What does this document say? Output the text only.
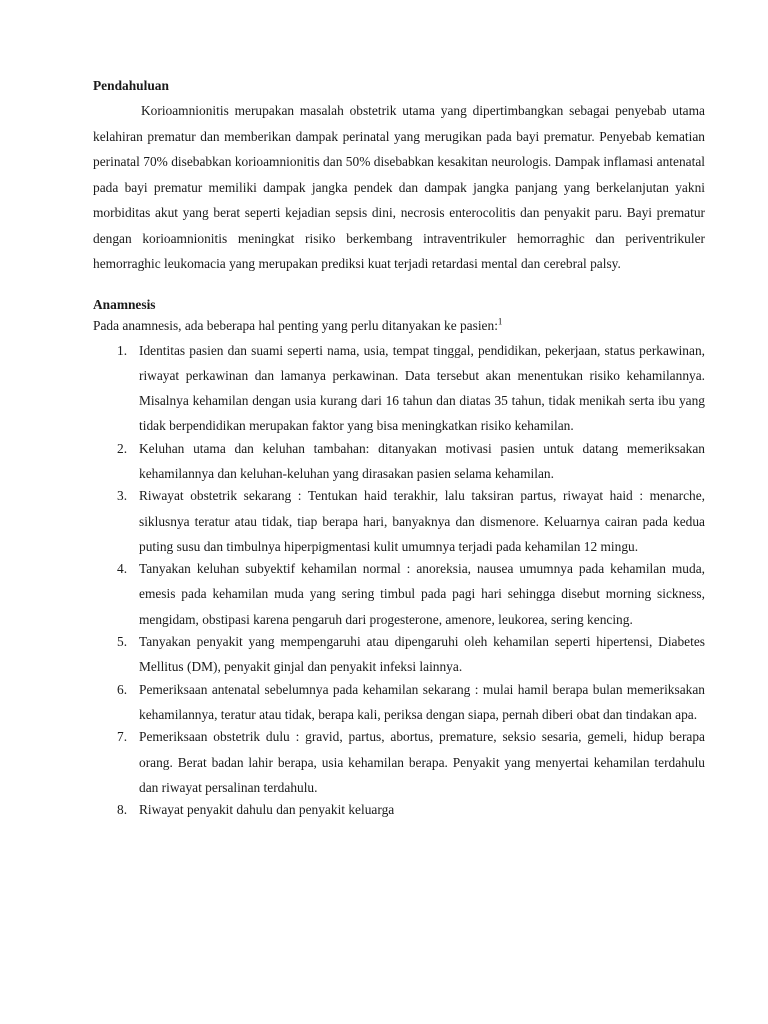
Pendahuluan

Korioamnionitis merupakan masalah obstetrik utama yang dipertimbangkan sebagai penyebab utama kelahiran prematur dan memberikan dampak perinatal yang merugikan pada bayi prematur. Penyebab kematian perinatal 70% disebabkan korioamnionitis dan 50% disebabkan kesakitan neurologis. Dampak inflamasi antenatal pada bayi prematur memiliki dampak jangka pendek dan dampak jangka panjang yang berkelanjutan yakni morbiditas akut yang berat seperti kejadian sepsis dini, necrosis enterocolitis dan penyakit paru. Bayi prematur dengan korioamnionitis meningkat risiko berkembang intraventrikuler hemorraghic dan periventrikuler hemorraghic leukomacia yang merupakan prediksi kuat terjadi retardasi mental dan cerebral palsy.

Anamnesis

Pada anamnesis, ada beberapa hal penting yang perlu ditanyakan ke pasien:$^1$

1. Identitas pasien dan suami seperti nama, usia, tempat tinggal, pendidikan, pekerjaan, status perkawinan, riwayat perkawinan dan lamanya perkawinan. Data tersebut akan menentukan risiko kehamilannya. Misalnya kehamilan dengan usia kurang dari 16 tahun dan diatas 35 tahun, tidak menikah serta ibu yang tidak berpendidikan merupakan faktor yang bisa meningkatkan risiko kehamilan.
2. Keluhan utama dan keluhan tambahan: ditanyakan motivasi pasien untuk datang memeriksakan kehamilannya dan keluhan-keluhan yang dirasakan pasien selama kehamilan.
3. Riwayat obstetrik sekarang : Tentukan haid terakhir, lalu taksiran partus, riwayat haid : menarche, siklusnya teratur atau tidak, tiap berapa hari, banyaknya dan dismenore. Keluarnya cairan pada kedua puting susu dan timbulnya hiperpigmentasi kulit umumnya terjadi pada kehamilan 12 mingu.
4. Tanyakan keluhan subyektif kehamilan normal : anoreksia, nausea umumnya pada kehamilan muda, emesis pada kehamilan muda yang sering timbul pada pagi hari sehingga disebut morning sickness, mengidam, obstipasi karena pengaruh dari progesterone, amenore, leukorea, sering kencing.
5. Tanyakan penyakit yang mempengaruhi atau dipengaruhi oleh kehamilan seperti hipertensi, Diabetes Mellitus (DM), penyakit ginjal dan penyakit infeksi lainnya.
6. Pemeriksaan antenatal sebelumnya pada kehamilan sekarang : mulai hamil berapa bulan memeriksakan kehamilannya, teratur atau tidak, berapa kali, periksa dengan siapa, pernah diberi obat dan tindakan apa.
7. Pemeriksaan obstetrik dulu : gravid, partus, abortus, premature, seksio sesaria, gemeli, hidup berapa orang. Berat badan lahir berapa, usia kehamilan berapa. Penyakit yang menyertai kehamilan terdahulu dan riwayat persalinan terdahulu.
8. Riwayat penyakit dahulu dan penyakit keluarga
